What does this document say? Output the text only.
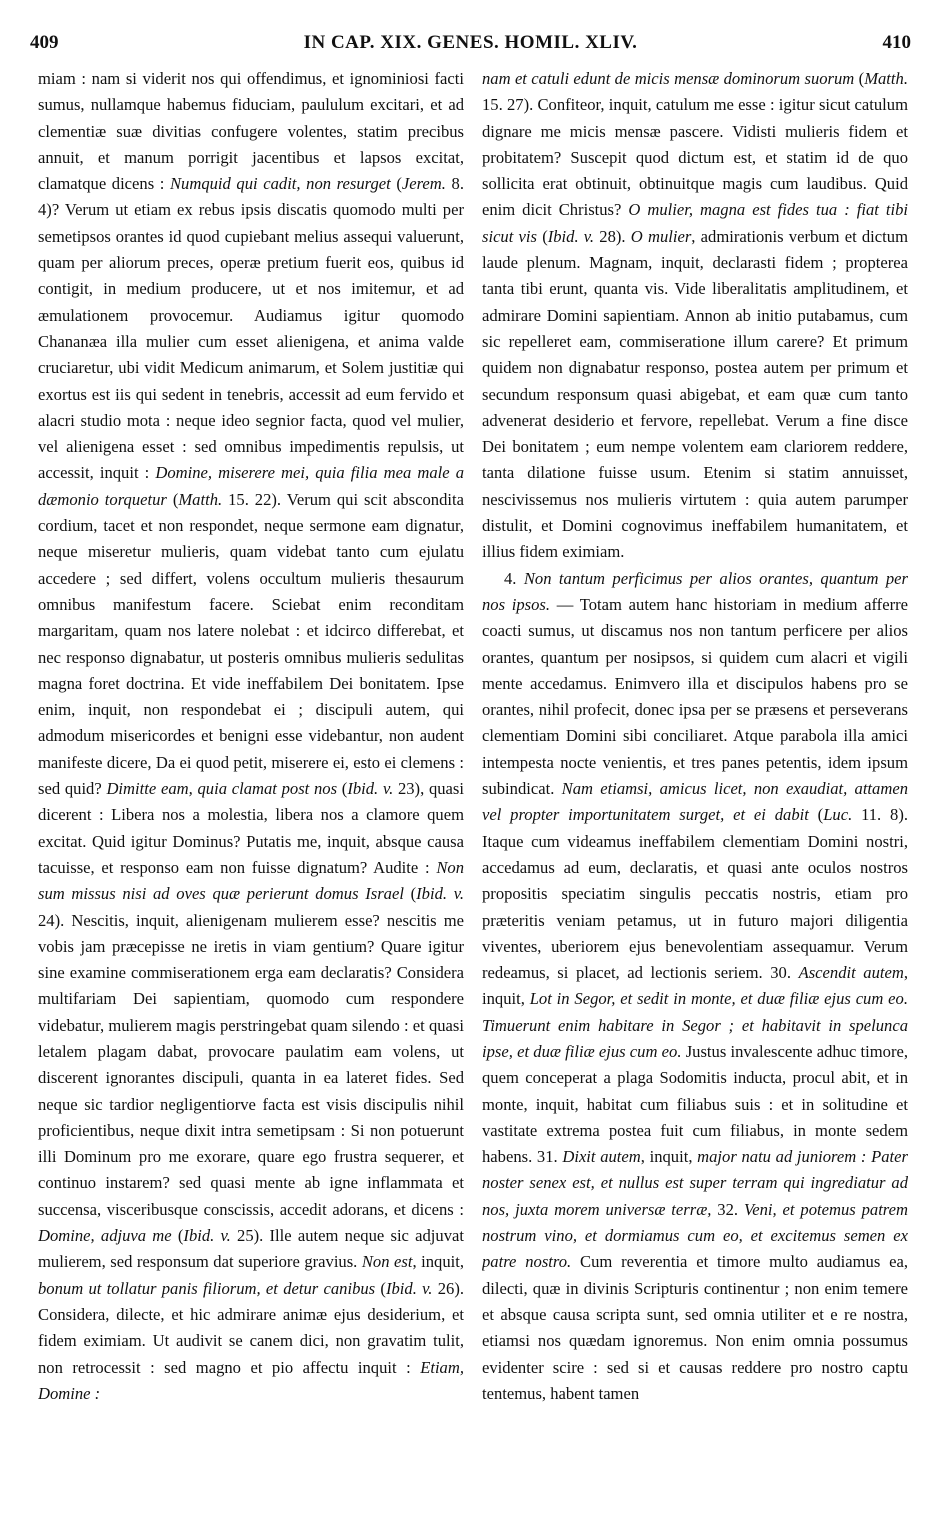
409	IN CAP. XIX. GENES. HOMIL. XLIV.	410

miam : nam si viderit nos qui offendimus, et ignominiosi facti sumus, nullamque habemus fiduciam, paululum excitari, et ad clementiæ suæ divitias confugere volentes, statim precibus annuit, et manum porrigit jacentibus et lapsos excitat, clamatque dicens : Numquid qui cadit, non resurget (Jerem. 8. 4)? Verum ut etiam ex rebus ipsis discatis quomodo multi per semetipsos orantes id quod cupiebant melius assequi valuerunt, quam per aliorum preces, operæ pretium fuerit eos, quibus id contigit, in medium producere, ut et nos imitemur, et ad æmulationem provocemur. Audiamus igitur quomodo Chananæa illa mulier cum esset alienigena, et anima valde cruciaretur, ubi vidit Medicum animarum, et Solem justitiæ qui exortus est iis qui sedent in tenebris, accessit ad eum fervido et alacri studio mota : neque ideo segnior facta, quod vel mulier, vel alienigena esset : sed omnibus impedimentis repulsis, ut accessit, inquit : Domine, miserere mei, quia filia mea male a dæmonio torquetur (Matth. 15. 22). Verum qui scit abscondita cordium, tacet et non respondet, neque sermone eam dignatur, neque miseretur mulieris, quam videbat tanto cum ejulatu accedere ; sed differt, volens occultum mulieris thesaurum omnibus manifestum facere. Sciebat enim reconditam margaritam, quam nos latere nolebat : et idcirco differebat, et nec responso dignabatur, ut posteris omnibus mulieris sedulitas magna foret doctrina. Et vide ineffabilem Dei bonitatem. Ipse enim, inquit, non respondebat ei ; discipuli autem, qui admodum misericordes et benigni esse videbantur, non audent manifeste dicere, Da ei quod petit, miserere ei, esto ei clemens : sed quid? Dimitte eam, quia clamat post nos (Ibid. v. 23), quasi dicerent : Libera nos a molestia, libera nos a clamore quem excitat. Quid igitur Dominus? Putatis me, inquit, absque causa tacuisse, et responso eam non fuisse dignatum? Audite : Non sum missus nisi ad oves quæ perierunt domus Israel (Ibid. v. 24). Nescitis, inquit, alienigenam mulierem esse? nescitis me vobis jam præcepisse ne iretis in viam gentium? Quare igitur sine examine commiserationem erga eam declaratis? Considera multifariam Dei sapientiam, quomodo cum respondere videbatur, mulierem magis perstringebat quam silendo : et quasi letalem plagam dabat, provocare paulatim eam volens, ut discerent ignorantes discipuli, quanta in ea lateret fides. Sed neque sic tardior negligentiorve facta est visis discipulis nihil proficientibus, neque dixit intra semetipsam : Si non potuerunt illi Dominum pro me exorare, quare ego frustra sequerer, et continuo instarem? sed quasi mente ab igne inflammata et succensa, visceribusque conscissis, accedit adorans, et dicens : Domine, adjuva me (Ibid. v. 25). Ille autem neque sic adjuvat mulierem, sed responsum dat superiore gravius. Non est, inquit, bonum ut tollatur panis filiorum, et detur canibus (Ibid. v. 26). Considera, dilecte, et hic admirare animæ ejus desiderium, et fidem eximiam. Ut audivit se canem dici, non gravatim tulit, non retrocessit : sed magno et pio affectu inquit : Etiam, Domine :

nam et catuli edunt de micis mensæ dominorum suorum (Matth. 15. 27). Confiteor, inquit, catulum me esse : igitur sicut catulum dignare me micis mensæ pascere. Vidisti mulieris fidem et probitatem? Suscepit quod dictum est, et statim id de quo sollicita erat obtinuit, obtinuitque magis cum laudibus. Quid enim dicit Christus? O mulier, magna est fides tua : fiat tibi sicut vis (Ibid. v. 28). O mulier, admirationis verbum et dictum laude plenum. Magnam, inquit, declarasti fidem ; propterea tanta tibi erunt, quanta vis. Vide liberalitatis amplitudinem, et admirare Domini sapientiam. Annon ab initio putabamus, cum sic repelleret eam, commiseratione illum carere? Et primum quidem non dignabatur responso, postea autem per primum et secundum responsum quasi abigebat, et eam quæ cum tanto advenerat desiderio et fervore, repellebat. Verum a fine disce Dei bonitatem ; eum nempe volentem eam clariorem reddere, tanta dilatione fuisse usum. Etenim si statim annuisset, nescivissemus nos mulieris virtutem : quia autem parumper distulit, et Domini cognovimus ineffabilem humanitatem, et illius fidem eximiam.

4. Non tantum perficimus per alios orantes, quantum per nos ipsos. — Totam autem hanc historiam in medium afferre coacti sumus, ut discamus nos non tantum perficere per alios orantes, quantum per nosipsos, si quidem cum alacri et vigili mente accedamus. Enimvero illa et discipulos habens pro se orantes, nihil profecit, donec ipsa per se præsens et perseverans clementiam Domini sibi conciliaret. Atque parabola illa amici intempesta nocte venientis, et tres panes petentis, idem ipsum subindicat. Nam etiamsi, amicus licet, non exaudiat, attamen vel propter importunitatem surget, et ei dabit (Luc. 11. 8). Itaque cum videamus ineffabilem clementiam Domini nostri, accedamus ad eum, declaratis, et quasi ante oculos nostros propositis speciatim singulis peccatis nostris, etiam pro præteritis veniam petamus, ut in futuro majori diligentia viventes, uberiorem ejus benevolentiam assequamur. Verum redeamus, si placet, ad lectionis seriem. 30. Ascendit autem, inquit, Lot in Segor, et sedit in monte, et duæ filiæ ejus cum eo. Timuerunt enim habitare in Segor ; et habitavit in spelunca ipse, et duæ filiæ ejus cum eo. Justus invalescente adhuc timore, quem conceperat a plaga Sodomitis inducta, procul abit, et in monte, inquit, habitat cum filiabus suis : et in solitudine et vastitate extrema postea fuit cum filiabus, in monte sedem habens. 31. Dixit autem, inquit, major natu ad juniorem : Pater noster senex est, et nullus est super terram qui ingrediatur ad nos, juxta morem universæ terræ, 32. Veni, et potemus patrem nostrum vino, et dormiamus cum eo, et excitemus semen ex patre nostro. Cum reverentia et timore multo audiamus ea, dilecti, quæ in divinis Scripturis continentur ; non enim temere et absque causa scripta sunt, sed omnia utiliter et e re nostra, etiamsi nos quædam ignoremus. Non enim omnia possumus evidenter scire : sed si et causas reddere pro nostro captu tentemus, habent tamen
